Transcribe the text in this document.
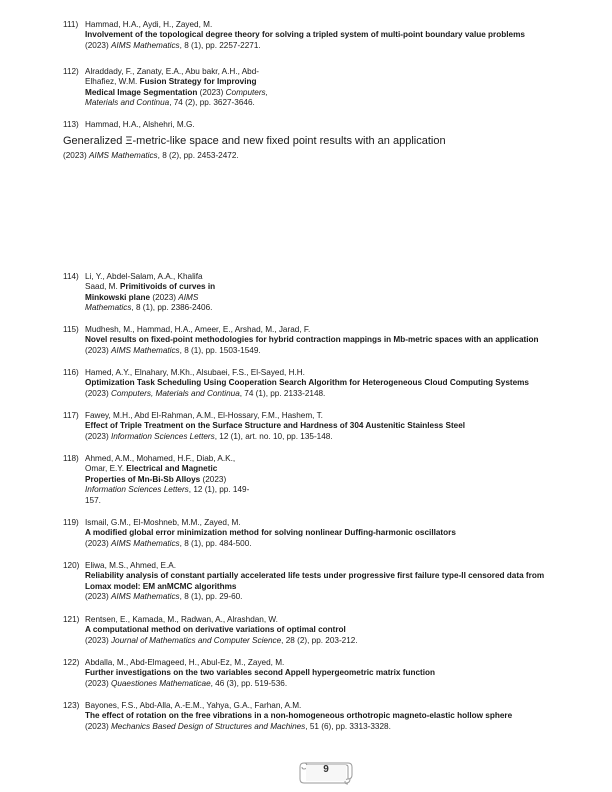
111) Hammad, H.A., Aydi, H., Zayed, M.
Involvement of the topological degree theory for solving a tripled system of multi-point boundary value problems
(2023) AIMS Mathematics, 8 (1), pp. 2257-2271.
112) Alraddady, F., Zanaty, E.A., Abu bakr, A.H., Abd-
Elhafiez, W.M. Fusion Strategy for Improving
Medical Image Segmentation (2023) Computers,
Materials and Continua, 74 (2), pp. 3627-3646.
113) Hammad, H.A., Alshehri, M.G.
Generalized Ξ-metric-like space and new fixed point results with an application
(2023) AIMS Mathematics, 8 (2), pp. 2453-2472.
114) Li, Y., Abdel-Salam, A.A., Khalifa
Saad, M. Primitivoids of curves in
Minkowski plane (2023) AIMS
Mathematics, 8 (1), pp. 2386-2406.
115) Mudhesh, M., Hammad, H.A., Ameer, E., Arshad, M., Jarad, F.
Novel results on fixed-point methodologies for hybrid contraction mappings in Mb-metric spaces with an application
(2023) AIMS Mathematics, 8 (1), pp. 1503-1549.
116) Hamed, A.Y., Elnahary, M.Kh., Alsubaei, F.S., El-Sayed, H.H.
Optimization Task Scheduling Using Cooperation Search Algorithm for Heterogeneous Cloud Computing Systems
(2023) Computers, Materials and Continua, 74 (1), pp. 2133-2148.
117) Fawey, M.H., Abd El-Rahman, A.M., El-Hossary, F.M., Hashem, T.
Effect of Triple Treatment on the Surface Structure and Hardness of 304 Austenitic Stainless Steel
(2023) Information Sciences Letters, 12 (1), art. no. 10, pp. 135-148.
118) Ahmed, A.M., Mohamed, H.F., Diab, A.K.,
Omar, E.Y. Electrical and Magnetic
Properties of Mn-Bi-Sb Alloys (2023)
Information Sciences Letters, 12 (1), pp. 149-
157.
119) Ismail, G.M., El-Moshneb, M.M., Zayed, M.
A modified global error minimization method for solving nonlinear Duffing-harmonic oscillators
(2023) AIMS Mathematics, 8 (1), pp. 484-500.
120) Eliwa, M.S., Ahmed, E.A.
Reliability analysis of constant partially accelerated life tests under progressive first failure type-II censored data from
Lomax model: EM anMCMC algorithms
(2023) AIMS Mathematics, 8 (1), pp. 29-60.
121) Rentsen, E., Kamada, M., Radwan, A., Alrashdan, W.
A computational method on derivative variations of optimal control
(2023) Journal of Mathematics and Computer Science, 28 (2), pp. 203-212.
122) Abdalla, M., Abd-Elmageed, H., Abul-Ez, M., Zayed, M.
Further investigations on the two variables second Appell hypergeometric matrix function
(2023) Quaestiones Mathematicae, 46 (3), pp. 519-536.
123) Bayones, F.S., Abd-Alla, A.-E.M., Yahya, G.A., Farhan, A.M.
The effect of rotation on the free vibrations in a non-homogeneous orthotropic magneto-elastic hollow sphere
(2023) Mechanics Based Design of Structures and Machines, 51 (6), pp. 3313-3328.
9
